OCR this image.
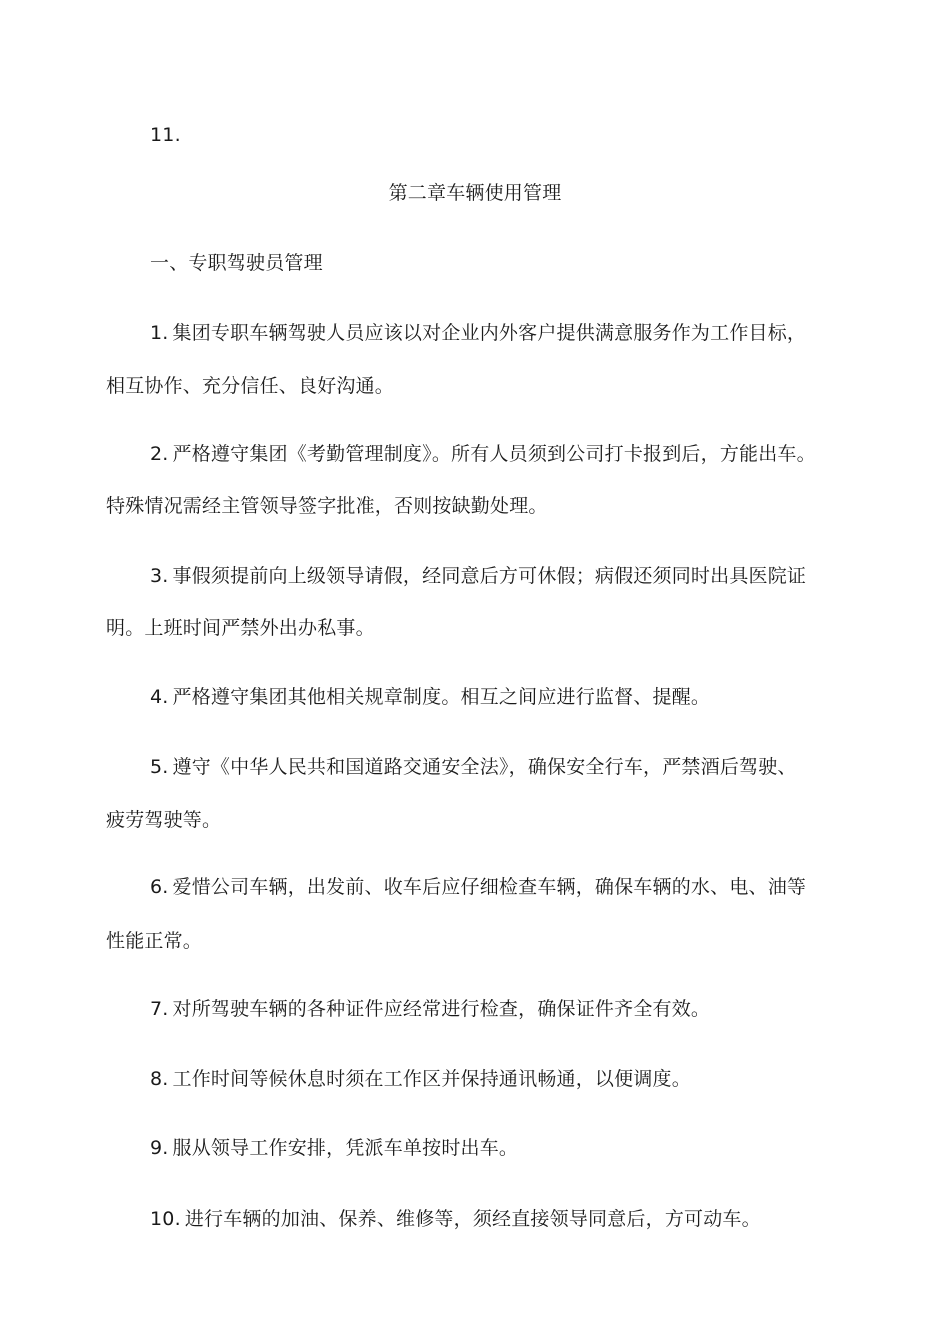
11.
第二章车辆使用管理
一、专职驾驶员管理
1. 集团专职车辆驾驶人员应该以对企业内外客户提供满意服务作为工作目标，
相互协作、充分信任、良好沟通。
2. 严格遵守集团《考勤管理制度》。所有人员须到公司打卡报到后，方能出车。
特殊情况需经主管领导签字批准，否则按缺勤处理。
3. 事假须提前向上级领导请假，经同意后方可休假；病假还须同时出具医院证
明。上班时间严禁外出办私事。
4. 严格遵守集团其他相关规章制度。相互之间应进行监督、提醒。
5. 遵守《中华人民共和国道路交通安全法》，确保安全行车，严禁酒后驾驶、
疲劳驾驶等。
6. 爱惜公司车辆，出发前、收车后应仔细检查车辆，确保车辆的水、电、油等
性能正常。
7. 对所驾驶车辆的各种证件应经常进行检查，确保证件齐全有效。
8. 工作时间等候休息时须在工作区并保持通讯畅通，以便调度。
9. 服从领导工作安排，凭派车单按时出车。
10. 进行车辆的加油、保养、维修等，须经直接领导同意后，方可动车。
